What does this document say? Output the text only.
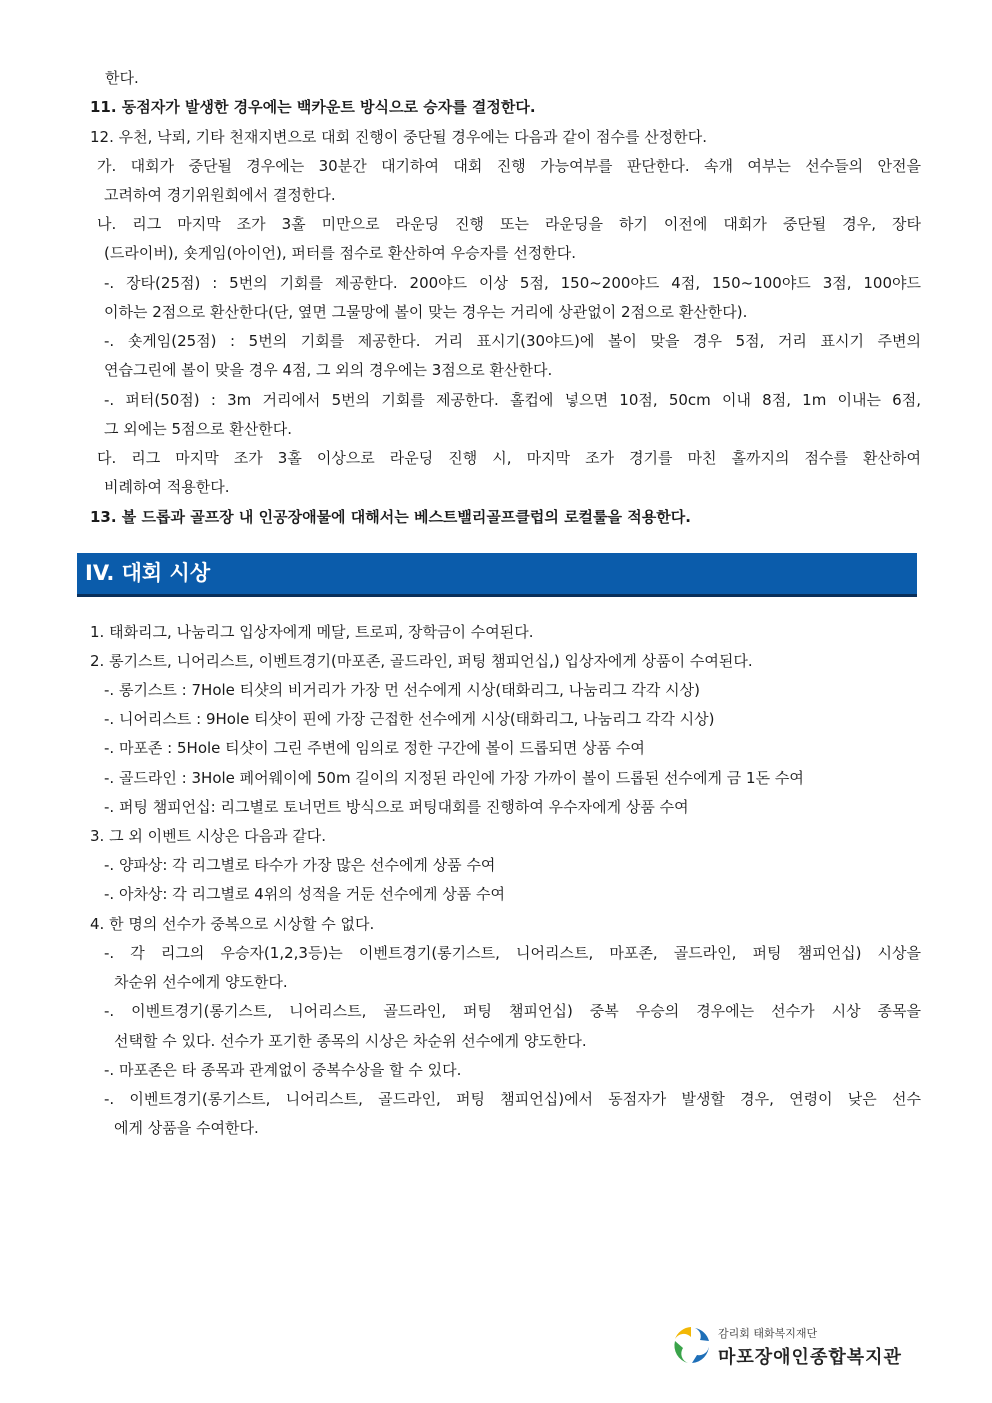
한다.
11. 동점자가 발생한 경우에는 백카운트 방식으로 승자를 결정한다.
12. 우천, 낙뢰, 기타 천재지변으로 대회 진행이 중단될 경우에는 다음과 같이 점수를 산정한다.
가. 대회가 중단될 경우에는 30분간 대기하여 대회 진행 가능여부를 판단한다. 속개 여부는 선수들의 안전을
고려하여 경기위원회에서 결정한다.
나. 리그 마지막 조가 3홀 미만으로 라운딩 진행 또는 라운딩을 하기 이전에 대회가 중단될 경우, 장타
(드라이버), 숏게임(아이언), 퍼터를 점수로 환산하여 우승자를 선정한다.
-. 장타(25점) : 5번의 기회를 제공한다. 200야드 이상 5점, 150~200야드 4점, 150~100야드 3점, 100야드
이하는 2점으로 환산한다(단, 옆면 그물망에 볼이 맞는 경우는 거리에 상관없이 2점으로 환산한다).
-. 숏게임(25점) : 5번의 기회를 제공한다. 거리 표시기(30야드)에 볼이 맞을 경우 5점, 거리 표시기 주변의
연습그린에 볼이 맞을 경우 4점, 그 외의 경우에는 3점으로 환산한다.
-. 퍼터(50점) : 3m 거리에서 5번의 기회를 제공한다. 홀컵에 넣으면 10점, 50cm 이내 8점, 1m 이내는 6점,
그 외에는 5점으로 환산한다.
다. 리그 마지막 조가 3홀 이상으로 라운딩 진행 시, 마지막 조가 경기를 마친 홀까지의 점수를 환산하여
비례하여 적용한다.
13. 볼 드롭과 골프장 내 인공장애물에 대해서는 베스트밸리골프클럽의 로컬룰을 적용한다.
IV. 대회 시상
1. 태화리그, 나눔리그 입상자에게 메달, 트로피, 장학금이 수여된다.
2. 롱기스트, 니어리스트, 이벤트경기(마포존, 골드라인, 퍼팅 챔피언십,) 입상자에게 상품이 수여된다.
-. 롱기스트 : 7Hole 티샷의 비거리가 가장 먼 선수에게 시상(태화리그, 나눔리그 각각 시상)
-. 니어리스트 : 9Hole 티샷이 핀에 가장 근접한 선수에게 시상(태화리그, 나눔리그 각각 시상)
-. 마포존 : 5Hole 티샷이 그린 주변에 임의로 정한 구간에 볼이 드롭되면 상품 수여
-. 골드라인 : 3Hole 페어웨이에 50m 길이의 지정된 라인에 가장 가까이 볼이 드롭된 선수에게 금 1돈 수여
-. 퍼팅 챔피언십: 리그별로 토너먼트 방식으로 퍼팅대회를 진행하여 우수자에게 상품 수여
3. 그 외 이벤트 시상은 다음과 같다.
-. 양파상: 각 리그별로 타수가 가장 많은 선수에게 상품 수여
-. 아차상: 각 리그별로 4위의 성적을 거둔 선수에게 상품 수여
4. 한 명의 선수가 중복으로 시상할 수 없다.
-. 각 리그의 우승자(1,2,3등)는 이벤트경기(롱기스트, 니어리스트, 마포존, 골드라인, 퍼팅 챔피언십) 시상을
차순위 선수에게 양도한다.
-. 이벤트경기(롱기스트, 니어리스트, 골드라인, 퍼팅 챔피언십) 중복 우승의 경우에는 선수가 시상 종목을
선택할 수 있다. 선수가 포기한 종목의 시상은 차순위 선수에게 양도한다.
-. 마포존은 타 종목과 관계없이 중복수상을 할 수 있다.
-. 이벤트경기(롱기스트, 니어리스트, 골드라인, 퍼팅 챔피언십)에서 동점자가 발생할 경우, 연령이 낮은 선수
에게 상품을 수여한다.
감리회 태화복지재단
마포장애인종합복지관
